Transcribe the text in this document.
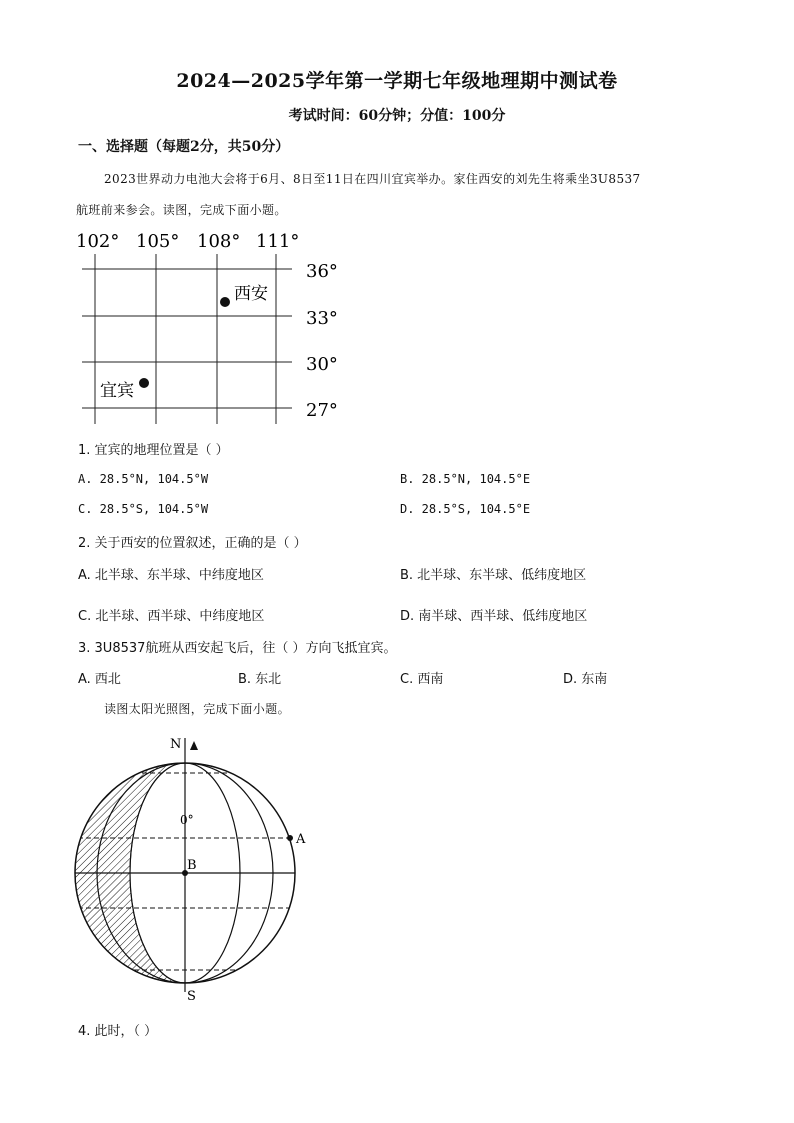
2024—2025学年第一学期七年级地理期中测试卷
考试时间：60分钟；分值：100分
一、选择题（每题2分，共50分）
2023世界动力电池大会将于6月、8日至11日在四川宜宾举办。家住西安的刘先生将乘坐3U8537
航班前来参会。读图，完成下面小题。
102° 105° 108° 111°
36°
33°
30°
27°
西安
宜宾
1. 宜宾的地理位置是（ ）
A. 28.5°N, 104.5°W	B. 28.5°N, 104.5°E
C. 28.5°S, 104.5°W	D. 28.5°S, 104.5°E
2. 关于西安的位置叙述，正确的是（ ）
A. 北半球、东半球、中纬度地区	B. 北半球、东半球、低纬度地区
C. 北半球、西半球、中纬度地区	D. 南半球、西半球、低纬度地区
3. 3U8537航班从西安起飞后，往（ ）方向飞抵宜宾。
A. 西北	B. 东北	C. 西南	D. 东南
读图太阳光照图，完成下面小题。
N
S
0°
A
B
4. 此时，（ ）
